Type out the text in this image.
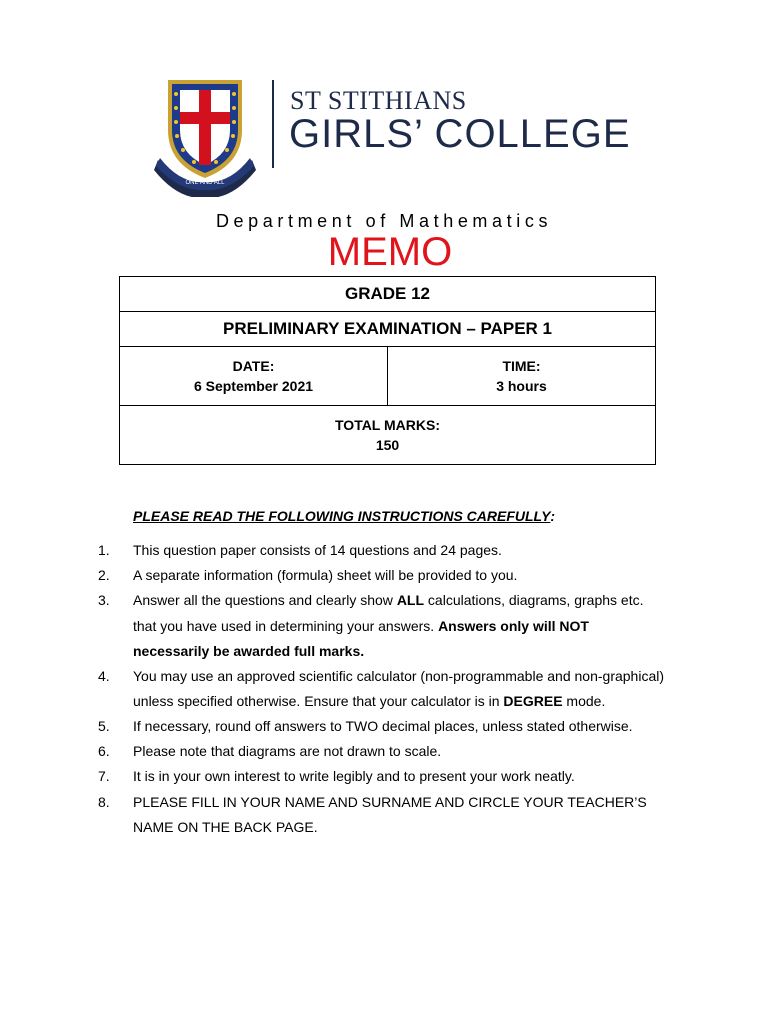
ONE AND ALL
ST STITHIANS
GIRLS’ COLLEGE
Department of Mathematics
MEMO
GRADE 12
PRELIMINARY EXAMINATION – PAPER 1
DATE:
6 September 2021
TIME:
3 hours
TOTAL MARKS:
150
PLEASE READ THE FOLLOWING INSTRUCTIONS CAREFULLY:
1. This question paper consists of 14 questions and 24 pages.
2. A separate information (formula) sheet will be provided to you.
3. Answer all the questions and clearly show ALL calculations, diagrams, graphs etc.
that you have used in determining your answers. Answers only will NOT
necessarily be awarded full marks.
4. You may use an approved scientific calculator (non-programmable and non-graphical)
unless specified otherwise. Ensure that your calculator is in DEGREE mode.
5. If necessary, round off answers to TWO decimal places, unless stated otherwise.
6. Please note that diagrams are not drawn to scale.
7. It is in your own interest to write legibly and to present your work neatly.
8. PLEASE FILL IN YOUR NAME AND SURNAME AND CIRCLE YOUR TEACHER’S
NAME ON THE BACK PAGE.
